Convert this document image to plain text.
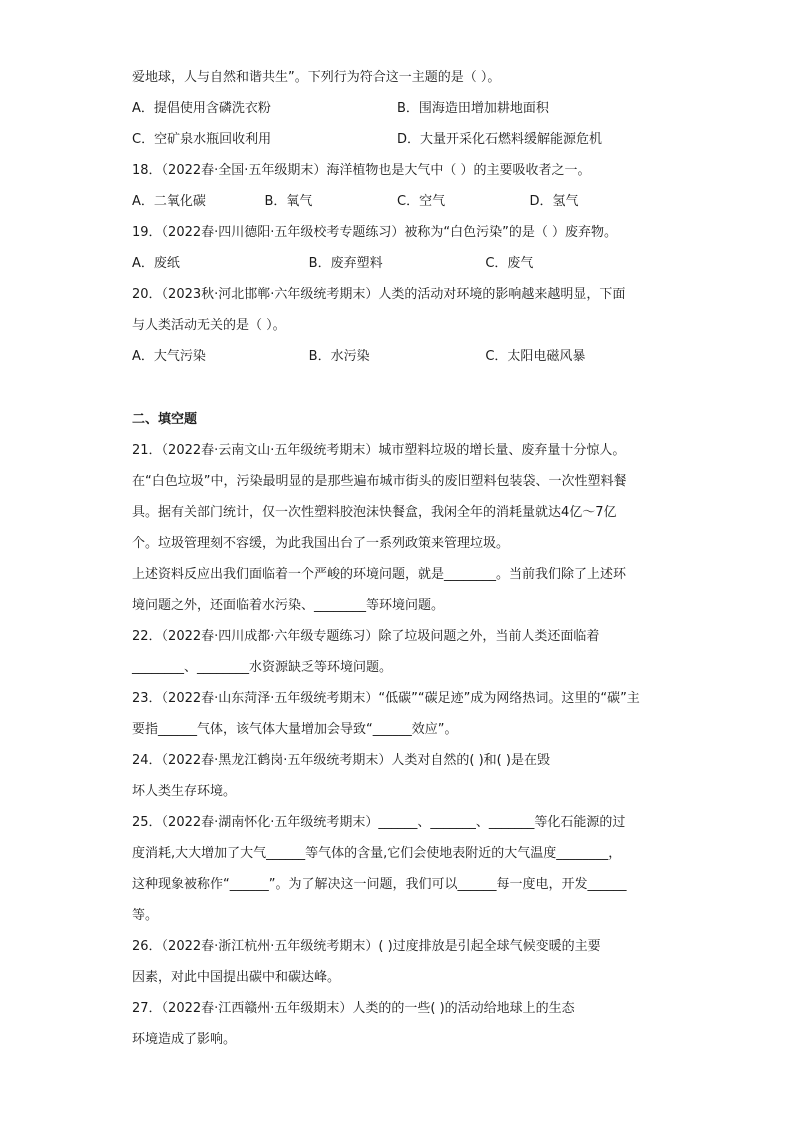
爱地球，人与自然和谐共生”。下列行为符合这一主题的是（ ）。
A．提倡使用含磷洗衣粉	B．围海造田增加耕地面积
C．空矿泉水瓶回收利用	D．大量开采化石燃料缓解能源危机
18．（2022春·全国·五年级期末）海洋植物也是大气中（ ）的主要吸收者之一。
A．二氧化碳	B．氧气	C．空气	D．氢气
19．（2022春·四川德阳·五年级校考专题练习）被称为“白色污染”的是（ ）废弃物。
A．废纸	B．废弃塑料	C．废气
20．（2023秋·河北邯郸·六年级统考期末）人类的活动对环境的影响越来越明显，下面
与人类活动无关的是（ ）。
A．大气污染	B．水污染	C．太阳电磁风暴
二、填空题
21．（2022春·云南文山·五年级统考期末）城市塑料垃圾的增长量、废弃量十分惊人。
在“白色垃圾”中，污染最明显的是那些遍布城市街头的废旧塑料包装袋、一次性塑料餐
具。据有关部门统计，仅一次性塑料胶泡沫快餐盒，我闲全年的消耗量就达4亿～7亿
个。垃圾管理刻不容缓，为此我国出台了一系列政策来管理垃圾。
上述资料反应出我们面临着一个严峻的环境问题，就是________。当前我们除了上述环
境问题之外，还面临着水污染、________等环境问题。
22．（2022春·四川成都·六年级专题练习）除了垃圾问题之外，当前人类还面临着
________、________水资源缺乏等环境问题。
23．（2022春·山东菏泽·五年级统考期末）“低碳”“碳足迹”成为网络热词。这里的“碳”主
要指______气体，该气体大量增加会导致“______效应”。
24．（2022春·黑龙江鹤岗·五年级统考期末）人类对自然的( )和( )是在毁
坏人类生存环境。
25．（2022春·湖南怀化·五年级统考期末）______、_______、_______等化石能源的过
度消耗,大大增加了大气______等气体的含量,它们会使地表附近的大气温度________，
这种现象被称作“______”。为了解决这一问题，我们可以______每一度电，开发______
等。
26．（2022春·浙江杭州·五年级统考期末）( )过度排放是引起全球气候变暖的主要
因素，对此中国提出碳中和碳达峰。
27．（2022春·江西赣州·五年级期末）人类的的一些( )的活动给地球上的生态
环境造成了影响。
